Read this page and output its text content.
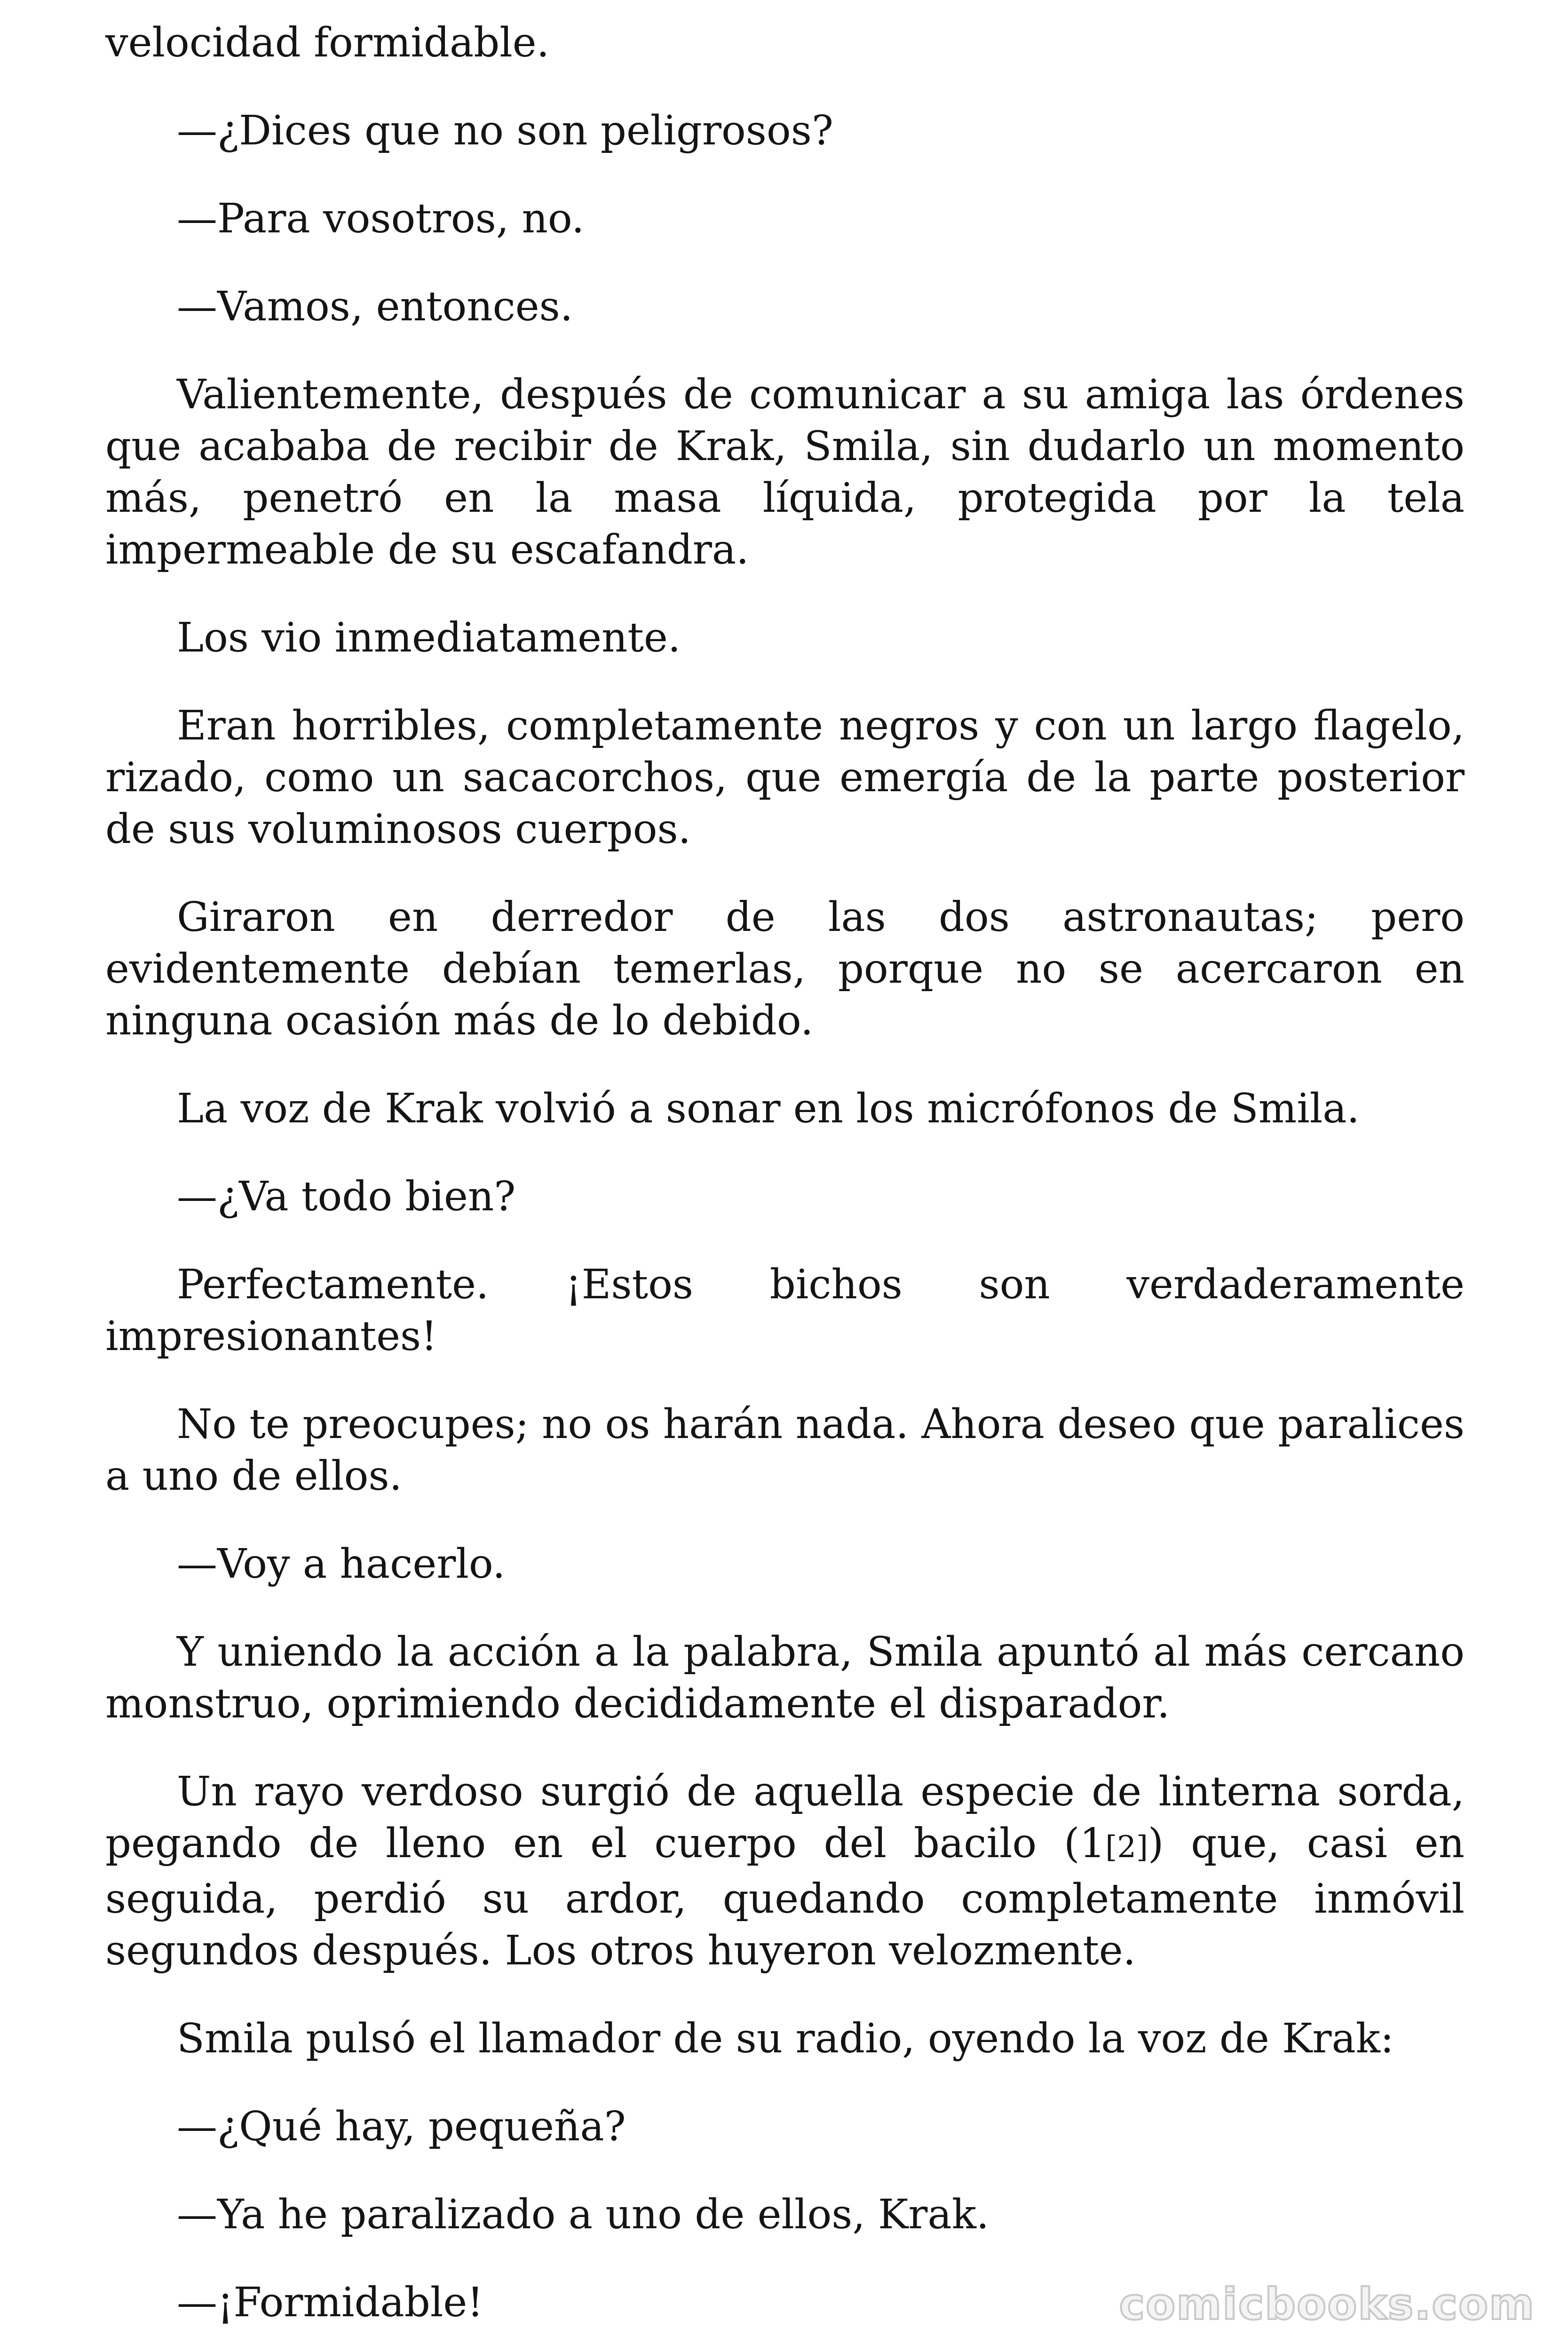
velocidad formidable.

—¿Dices que no son peligrosos?

—Para vosotros, no.

—Vamos, entonces.

Valientemente, después de comunicar a su amiga las órdenes que acababa de recibir de Krak, Smila, sin dudarlo un momento más, penetró en la masa líquida, protegida por la tela impermeable de su escafandra.

Los vio inmediatamente.

Eran horribles, completamente negros y con un largo flagelo, rizado, como un sacacorchos, que emergía de la parte posterior de sus voluminosos cuerpos.

Giraron en derredor de las dos astronautas; pero evidentemente debían temerlas, porque no se acercaron en ninguna ocasión más de lo debido.

La voz de Krak volvió a sonar en los micrófonos de Smila.

—¿Va todo bien?

Perfectamente. ¡Estos bichos son verdaderamente impresionantes!

No te preocupes; no os harán nada. Ahora deseo que paralices a uno de ellos.

—Voy a hacerlo.

Y uniendo la acción a la palabra, Smila apuntó al más cercano monstruo, oprimiendo decididamente el disparador.

Un rayo verdoso surgió de aquella especie de linterna sorda, pegando de lleno en el cuerpo del bacilo (1[2]) que, casi en seguida, perdió su ardor, quedando completamente inmóvil segundos después. Los otros huyeron velozmente.

Smila pulsó el llamador de su radio, oyendo la voz de Krak:

—¿Qué hay, pequeña?

—Ya he paralizado a uno de ellos, Krak.

—¡Formidable!	comicbooks.com
